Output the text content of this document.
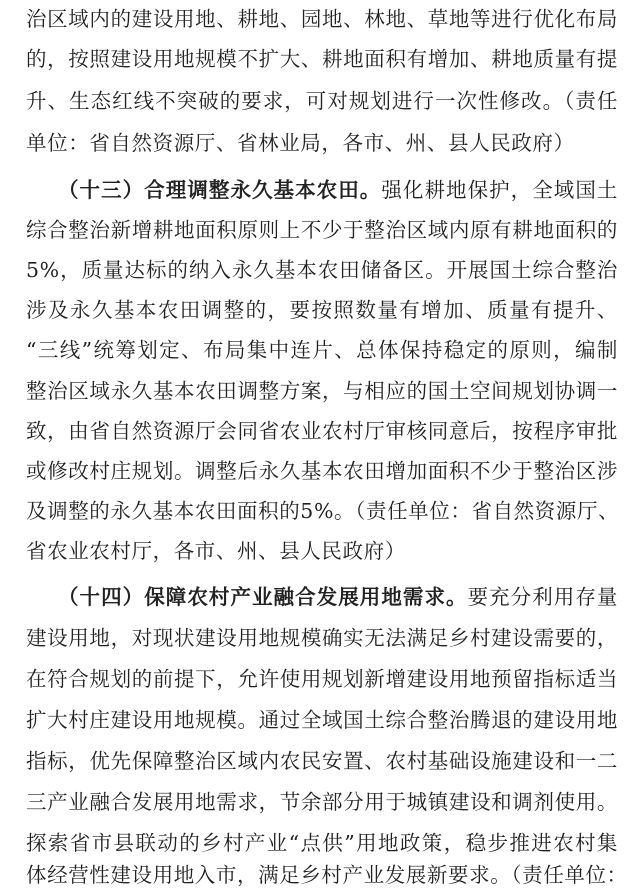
治区域内的建设用地、耕地、园地、林地、草地等进行优化布局
的，按照建设用地规模不扩大、耕地面积有增加、耕地质量有提
升、生态红线不突破的要求，可对规划进行一次性修改。（责任
单位：省自然资源厅、省林业局，各市、州、县人民政府）
（十三）合理调整永久基本农田。强化耕地保护，全域国土
综合整治新增耕地面积原则上不少于整治区域内原有耕地面积的
5%，质量达标的纳入永久基本农田储备区。开展国土综合整治
涉及永久基本农田调整的，要按照数量有增加、质量有提升、
“三线”统筹划定、布局集中连片、总体保持稳定的原则，编制
整治区域永久基本农田调整方案，与相应的国土空间规划协调一
致，由省自然资源厅会同省农业农村厅审核同意后，按程序审批
或修改村庄规划。调整后永久基本农田增加面积不少于整治区涉
及调整的永久基本农田面积的5%。（责任单位：省自然资源厅、
省农业农村厅，各市、州、县人民政府）
（十四）保障农村产业融合发展用地需求。要充分利用存量
建设用地，对现状建设用地规模确实无法满足乡村建设需要的，
在符合规划的前提下，允许使用规划新增建设用地预留指标适当
扩大村庄建设用地规模。通过全域国土综合整治腾退的建设用地
指标，优先保障整治区域内农民安置、农村基础设施建设和一二
三产业融合发展用地需求，节余部分用于城镇建设和调剂使用。
探索省市县联动的乡村产业“点供”用地政策，稳步推进农村集
体经营性建设用地入市，满足乡村产业发展新要求。（责任单位：
